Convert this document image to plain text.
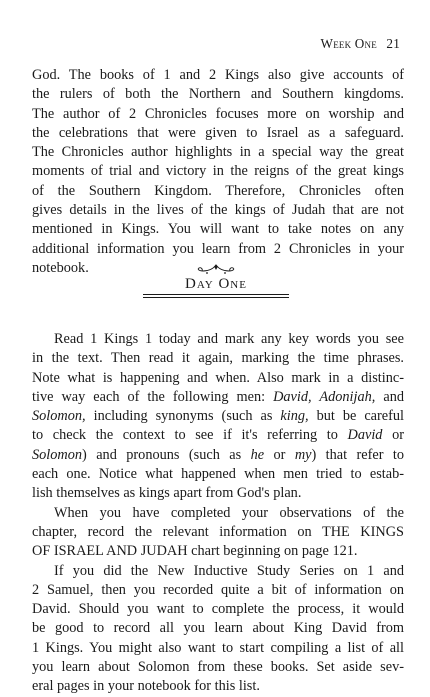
Week One 21
God. The books of 1 and 2 Kings also give accounts of
the rulers of both the Northern and Southern kingdoms.
The author of 2 Chronicles focuses more on worship and
the celebrations that were given to Israel as a safeguard.
The Chronicles author highlights in a special way the great
moments of trial and victory in the reigns of the great kings
of the Southern Kingdom. Therefore, Chronicles often
gives details in the lives of the kings of Judah that are not
mentioned in Kings. You will want to take notes on any
additional information you learn from 2 Chronicles in your
notebook.
Day One
Read 1 Kings 1 today and mark any key words you see
in the text. Then read it again, marking the time phrases.
Note what is happening and when. Also mark in a distinc-
tive way each of the following men: David, Adonijah, and
Solomon, including synonyms (such as king, but be careful
to check the context to see if it's referring to David or
Solomon) and pronouns (such as he or my) that refer to
each one. Notice what happened when men tried to estab-
lish themselves as kings apart from God's plan.
When you have completed your observations of the
chapter, record the relevant information on THE KINGS
OF ISRAEL AND JUDAH chart beginning on page 121.
If you did the New Inductive Study Series on 1 and
2 Samuel, then you recorded quite a bit of information on
David. Should you want to complete the process, it would
be good to record all you learn about King David from
1 Kings. You might also want to start compiling a list of all
you learn about Solomon from these books. Set aside sev-
eral pages in your notebook for this list.
